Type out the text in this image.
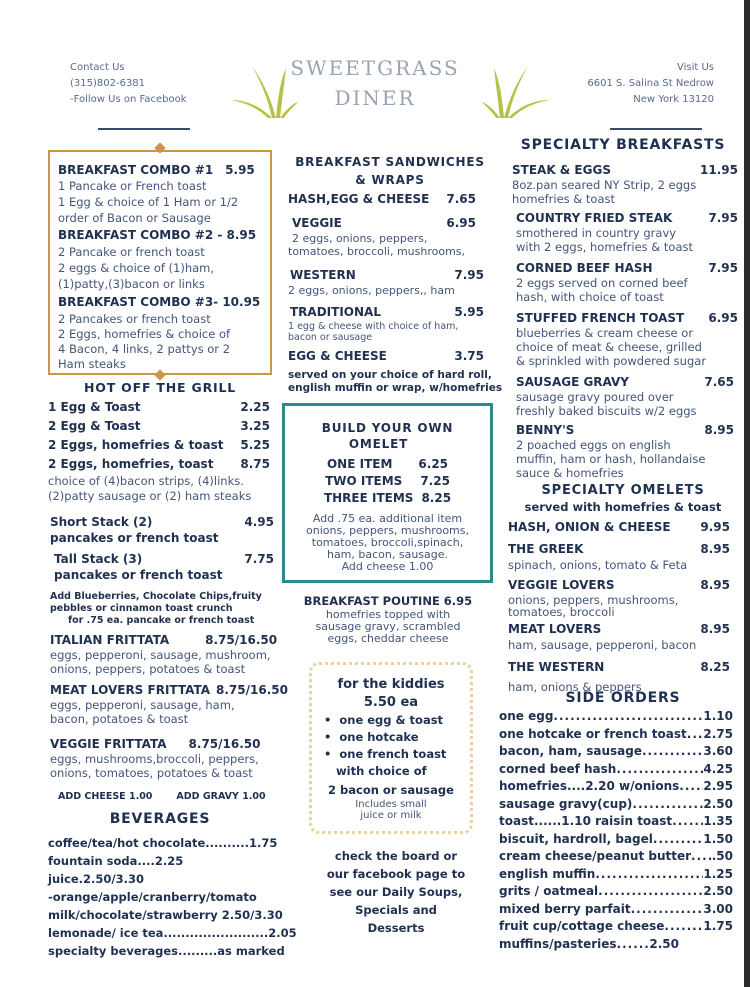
Contact Us
(315)802-6381
-Follow Us on Facebook
Visit Us
6601 S. Salina St Nedrow
New York 13120
SWEETGRASS
DINER
BREAKFAST COMBO #1 5.95
1 Pancake or French toast
1 Egg & choice of 1 Ham or 1/2
order of Bacon or Sausage
BREAKFAST COMBO #2 - 8.95
2 Pancake or french toast
2 eggs & choice of (1)ham,
(1)patty,(3)bacon or links
BREAKFAST COMBO #3- 10.95
2 Pancakes or french toast
2 Eggs, homefries & choice of
4 Bacon, 4 links, 2 pattys or 2
Ham steaks
HOT OFF THE GRILL
1 Egg & Toast	2.25
2 Egg & Toast	3.25
2 Eggs, homefries & toast 5.25
2 Eggs, homefries, toast 8.75
choice of (4)bacon strips, (4)links.
(2)patty sausage or (2) ham steaks
Short Stack (2)	4.95
pancakes or french toast
Tall Stack (3)	7.75
pancakes or french toast
Add Blueberries, Chocolate Chips,fruity
pebbles or cinnamon toast crunch
for .75 ea. pancake or french toast
ITALIAN FRITTATA	8.75/16.50
eggs, pepperoni, sausage, mushroom,
onions, peppers, potatoes & toast
MEAT LOVERS FRITTATA 8.75/16.50
eggs, pepperoni, sausage, ham,
bacon, potatoes & toast
VEGGIE FRITTATA 8.75/16.50
eggs, mushrooms,broccoli, peppers,
onions, tomatoes, potatoes & toast
ADD CHEESE 1.00	ADD GRAVY 1.00
BEVERAGES
coffee/tea/hot chocolate..........1.75
fountain soda....2.25
juice.2.50/3.30
-orange/apple/cranberry/tomato
milk/chocolate/strawberry 2.50/3.30
lemonade/ ice tea........................2.05
specialty beverages.........as marked
BREAKFAST SANDWICHES
& WRAPS
HASH,EGG & CHEESE 7.65
VEGGIE	6.95
2 eggs, onions, peppers,
tomatoes, broccoli, mushrooms,
WESTERN	7.95
2 eggs, onions, peppers,, ham
TRADITIONAL	5.95
1 egg & cheese with choice of ham,
bacon or sausage
EGG & CHEESE	3.75
served on your choice of hard roll,
english muffin or wrap, w/homefries
BUILD YOUR OWN
OMELET
ONE ITEM 6.25
TWO ITEMS 7.25
THREE ITEMS 8.25
Add .75 ea. additional item
onions, peppers, mushrooms,
tomatoes, broccoli,spinach,
ham, bacon, sausage.
Add cheese 1.00
BREAKFAST POUTINE 6.95
homefries topped with
sausage gravy, scrambled
eggs, cheddar cheese
for the kiddies
5.50 ea
•  one egg & toast
•  one hotcake
•  one french toast
with choice of
2 bacon or sausage
Includes small
juice or milk
check the board or
our facebook page to
see our Daily Soups,
Specials and
Desserts
SPECIALTY BREAKFASTS
STEAK & EGGS	11.95
8oz.pan seared NY Strip, 2 eggs
homefries & toast
COUNTRY FRIED STEAK	7.95
smothered in country gravy
with 2 eggs, homefries & toast
CORNED BEEF HASH	7.95
2 eggs served on corned beef
hash, with choice of toast
STUFFED FRENCH TOAST 6.95
blueberries & cream cheese or
choice of meat & cheese, grilled
& sprinkled with powdered sugar
SAUSAGE GRAVY	7.65
sausage gravy poured over
freshly baked biscuits w/2 eggs
BENNY'S	8.95
2 poached eggs on english
muffin, ham or hash, hollandaise
sauce & homefries
SPECIALTY OMELETS
served with homefries & toast
HASH, ONION & CHEESE 9.95
THE GREEK	8.95
spinach, onions, tomato & Feta
VEGGIE LOVERS	8.95
onions, peppers, mushrooms,
tomatoes, broccoli
MEAT LOVERS	8.95
ham, sausage, pepperoni, bacon
THE WESTERN	8.25
ham, onions & peppers
SIDE ORDERS
one egg .....	1.10
one hotcake or french toast ..... 2.75
bacon, ham, sausage .....	3.60
corned beef hash .....	4.25
homefries....2.20 w/onions ..... 2.95
sausage gravy(cup) .....	2.50
toast......1.10 raisin toast .....	1.35
biscuit, hardroll, bagel .....	1.50
cream cheese/peanut butter ..... .50
english muffin .....	1.25
grits / oatmeal .....	2.50
mixed berry parfait .....	3.00
fruit cup/cottage cheese .....	1.75
muffins/pasteries .....	2.50
